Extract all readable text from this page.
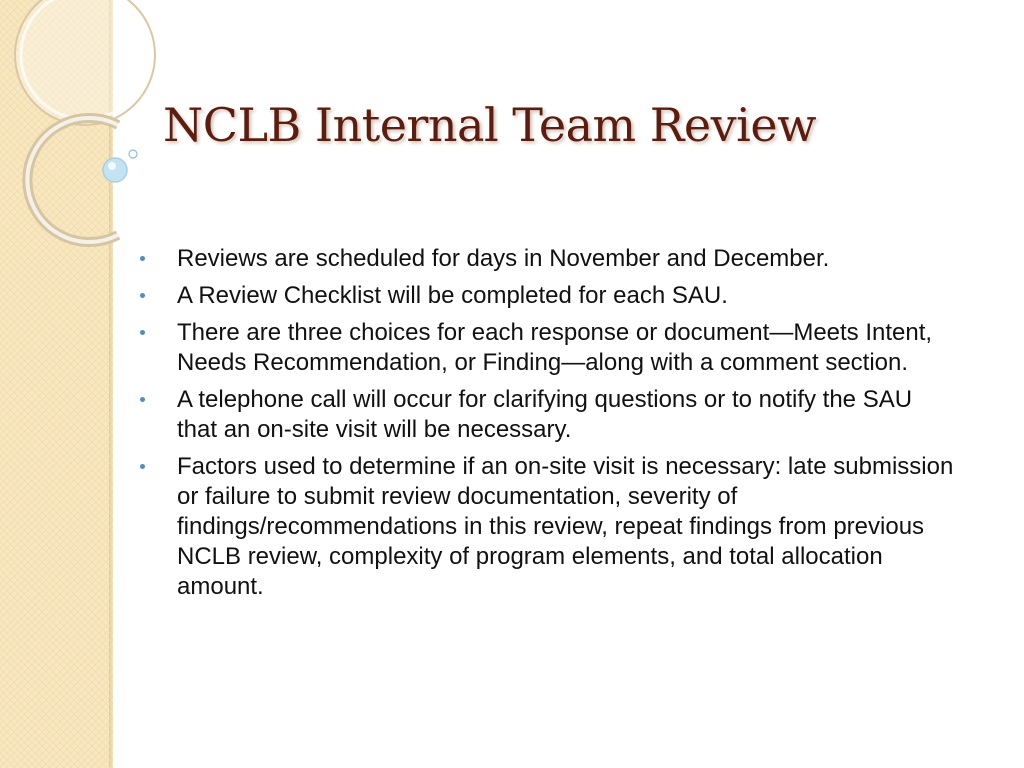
NCLB Internal Team Review
Reviews are scheduled for days in November and December.
A Review Checklist will be completed for each SAU.
There are three choices for each response or document—Meets Intent, Needs Recommendation, or Finding—along with a comment section.
A telephone call will occur for clarifying questions or to notify the SAU that an on-site visit will be necessary.
Factors used to determine if an on-site visit is necessary: late submission or failure to submit review documentation, severity of findings/recommendations in this review, repeat findings from previous NCLB review, complexity of program elements, and total allocation amount.
